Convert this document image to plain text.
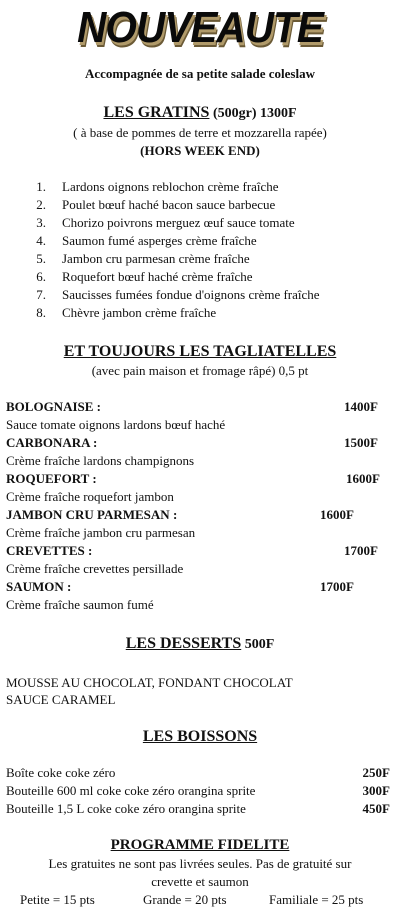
NOUVEAUTE
Accompagnée de sa petite salade coleslaw
LES GRATINS (500gr) 1300F
( à base de pommes de terre et mozzarella rapée)
(HORS WEEK END)
1. Lardons oignons reblochon crème fraîche
2. Poulet bœuf haché bacon sauce barbecue
3. Chorizo poivrons merguez œuf sauce tomate
4. Saumon fumé asperges crème fraîche
5. Jambon cru parmesan crème fraîche
6. Roquefort bœuf haché crème fraîche
7. Saucisses fumées fondue d'oignons crème fraîche
8. Chèvre jambon crème fraîche
ET TOUJOURS LES TAGLIATELLES
(avec pain maison et fromage râpé) 0,5 pt
BOLOGNAISE :	1400F
Sauce tomate oignons lardons bœuf haché
CARBONARA :	1500F
Crème fraîche lardons champignons
ROQUEFORT :	1600F
Crème fraîche roquefort jambon
JAMBON CRU PARMESAN :	1600F
Crème fraîche jambon cru parmesan
CREVETTES :	1700F
Crème fraîche crevettes persillade
SAUMON :	1700F
Crème fraîche saumon fumé
LES DESSERTS 500F
MOUSSE AU CHOCOLAT, FONDANT CHOCOLAT
SAUCE CARAMEL
LES BOISSONS
Boîte coke coke zéro	250F
Bouteille 600 ml coke coke zéro orangina sprite	300F
Bouteille 1,5 L coke coke zéro orangina sprite	450F
PROGRAMME FIDELITE
Les gratuites ne sont pas livrées seules. Pas de gratuité sur
crevette et saumon
Petite = 15 pts	Grande = 20 pts	Familiale = 25 pts
